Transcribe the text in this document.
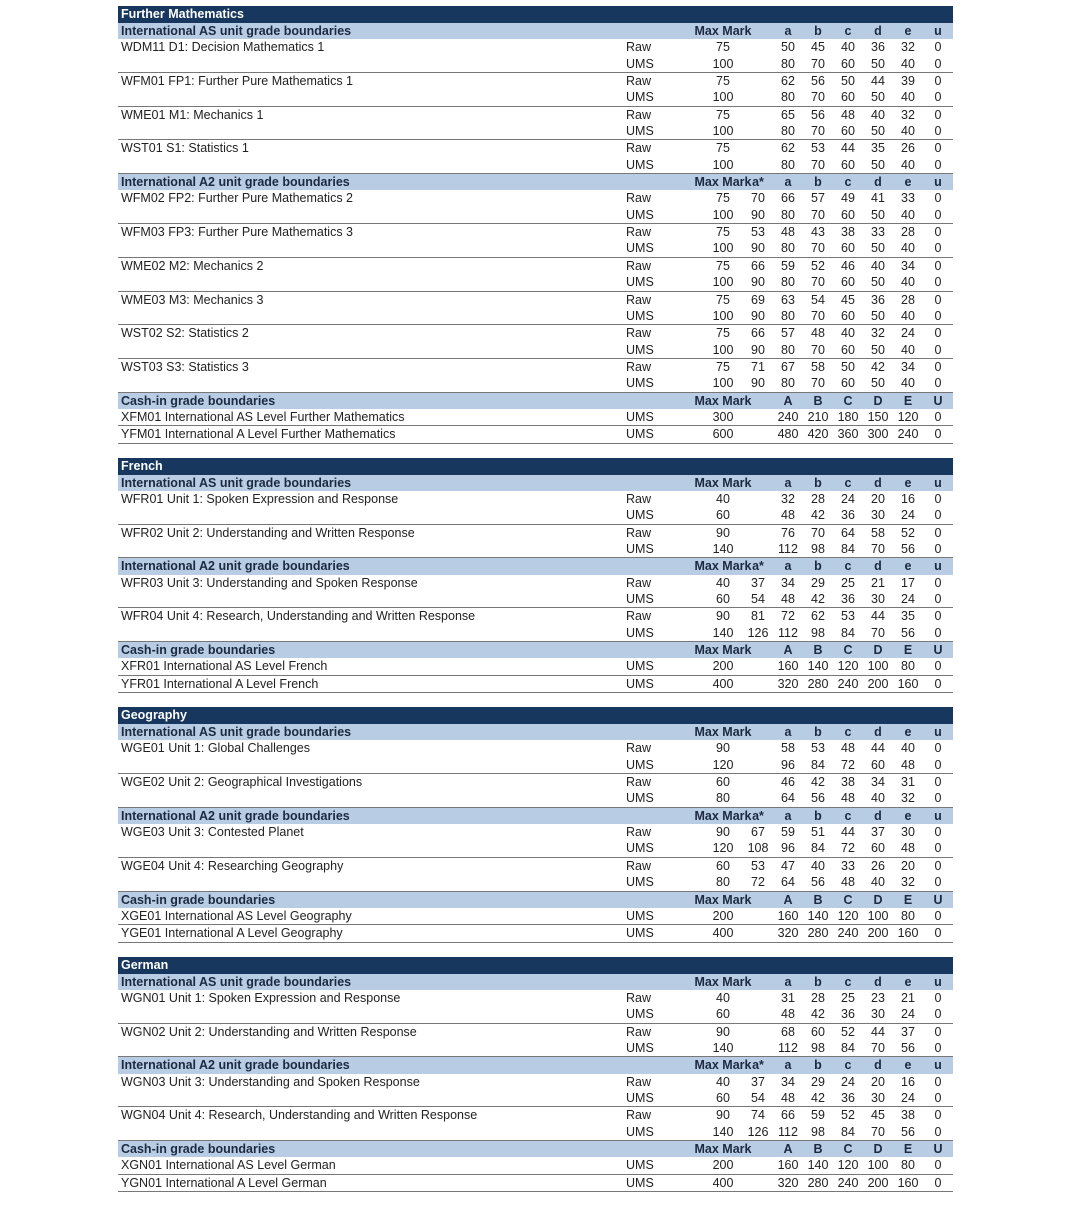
Further Mathematics
International AS unit grade boundaries	Max Mark	a	b	c	d	e	u
WDM11 D1: Decision Mathematics 1	Raw	75	50	45	40	36	32	0
UMS	100	80	70	60	50	40	0
WFM01 FP1: Further Pure Mathematics 1	Raw	75	62	56	50	44	39	0
UMS	100	80	70	60	50	40	0
WME01 M1: Mechanics 1	Raw	75	65	56	48	40	32	0
UMS	100	80	70	60	50	40	0
WST01 S1: Statistics 1	Raw	75	62	53	44	35	26	0
UMS	100	80	70	60	50	40	0
International A2 unit grade boundaries	Max Mark a*	a	b	c	d	e	u
WFM02 FP2: Further Pure Mathematics 2	Raw	75	70	66	57	49	41	33	0
UMS	100	90	80	70	60	50	40	0
WFM03 FP3: Further Pure Mathematics 3	Raw	75	53	48	43	38	33	28	0
UMS	100	90	80	70	60	50	40	0
WME02 M2: Mechanics 2	Raw	75	66	59	52	46	40	34	0
UMS	100	90	80	70	60	50	40	0
WME03 M3: Mechanics 3	Raw	75	69	63	54	45	36	28	0
UMS	100	90	80	70	60	50	40	0
WST02 S2: Statistics 2	Raw	75	66	57	48	40	32	24	0
UMS	100	90	80	70	60	50	40	0
WST03 S3: Statistics 3	Raw	75	71	67	58	50	42	34	0
UMS	100	90	80	70	60	50	40	0
Cash-in grade boundaries	Max Mark	A	B	C	D	E	U
XFM01 International AS Level Further Mathematics	UMS	300	240 210 180 150 120	0
YFM01 International A Level Further Mathematics	UMS	600	480 420 360 300 240	0
French
International AS unit grade boundaries	Max Mark	a	b	c	d	e	u
WFR01 Unit 1: Spoken Expression and Response	Raw	40	32	28	24	20	16	0
UMS	60	48	42	36	30	24	0
WFR02 Unit 2: Understanding and Written Response	Raw	90	76	70	64	58	52	0
UMS	140	112	98	84	70	56	0
International A2 unit grade boundaries	Max Mark a*	a	b	c	d	e	u
WFR03 Unit 3: Understanding and Spoken Response	Raw	40	37	34	29	25	21	17	0
UMS	60	54	48	42	36	30	24	0
WFR04 Unit 4: Research, Understanding and Written Response	Raw	90	81	72	62	53	44	35	0
UMS	140	126 112	98	84	70	56	0
Cash-in grade boundaries	Max Mark	A	B	C	D	E	U
XFR01 International AS Level French	UMS	200	160 140 120 100	80	0
YFR01 International A Level French	UMS	400	320 280 240 200 160	0
Geography
International AS unit grade boundaries	Max Mark	a	b	c	d	e	u
WGE01 Unit 1: Global Challenges	Raw	90	58	53	48	44	40	0
UMS	120	96	84	72	60	48	0
WGE02 Unit 2: Geographical Investigations	Raw	60	46	42	38	34	31	0
UMS	80	64	56	48	40	32	0
International A2 unit grade boundaries	Max Mark a*	a	b	c	d	e	u
WGE03 Unit 3: Contested Planet	Raw	90	67	59	51	44	37	30	0
UMS	120	108	96	84	72	60	48	0
WGE04 Unit 4: Researching Geography	Raw	60	53	47	40	33	26	20	0
UMS	80	72	64	56	48	40	32	0
Cash-in grade boundaries	Max Mark	A	B	C	D	E	U
XGE01 International AS Level Geography	UMS	200	160 140 120 100	80	0
YGE01 International A Level Geography	UMS	400	320 280 240 200 160	0
German
International AS unit grade boundaries	Max Mark	a	b	c	d	e	u
WGN01 Unit 1: Spoken Expression and Response	Raw	40	31	28	25	23	21	0
UMS	60	48	42	36	30	24	0
WGN02 Unit 2: Understanding and Written Response	Raw	90	68	60	52	44	37	0
UMS	140	112	98	84	70	56	0
International A2 unit grade boundaries	Max Mark a*	a	b	c	d	e	u
WGN03 Unit 3: Understanding and Spoken Response	Raw	40	37	34	29	24	20	16	0
UMS	60	54	48	42	36	30	24	0
WGN04 Unit 4: Research, Understanding and Written Response	Raw	90	74	66	59	52	45	38	0
UMS	140	126 112	98	84	70	56	0
Cash-in grade boundaries	Max Mark	A	B	C	D	E	U
XGN01 International AS Level German	UMS	200	160 140 120 100	80	0
YGN01 International A Level German	UMS	400	320 280 240 200 160	0
